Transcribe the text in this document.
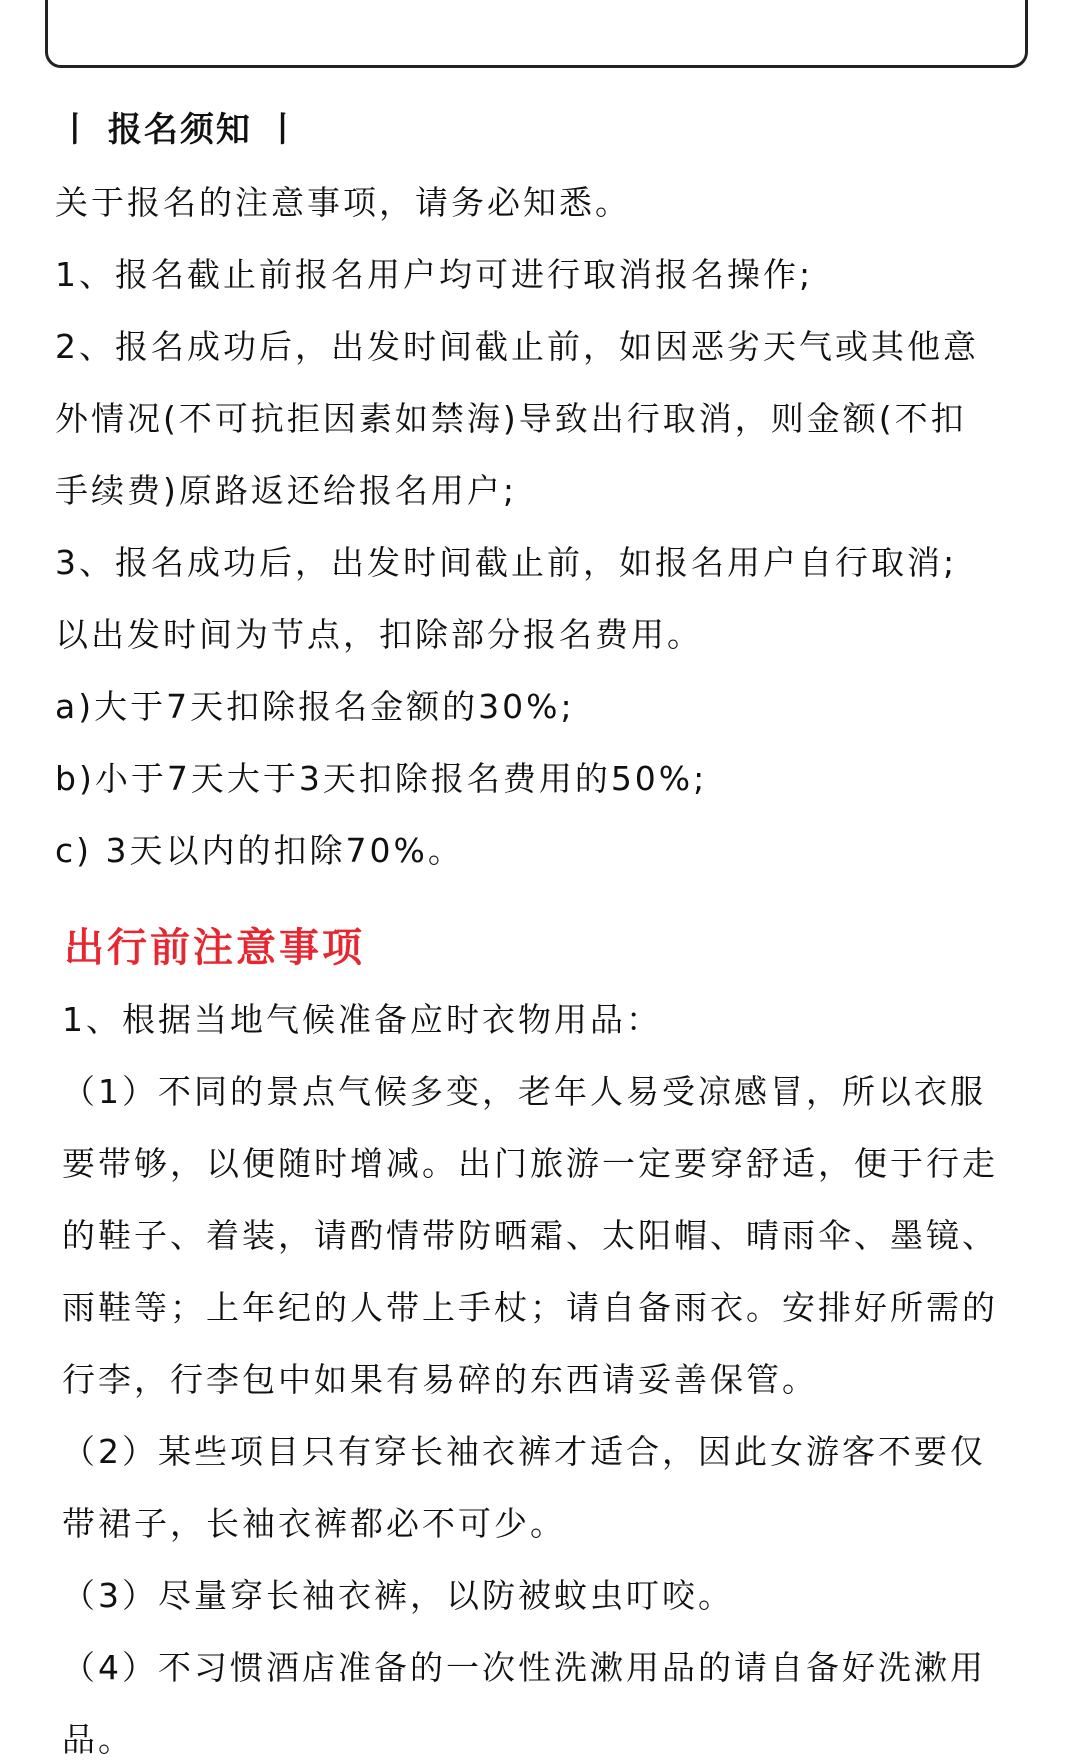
丨 报名须知 丨
关于报名的注意事项，请务必知悉。
1、报名截止前报名用户均可进行取消报名操作;
2、报名成功后，出发时间截止前，如因恶劣天气或其他意
外情况(不可抗拒因素如禁海)导致出行取消，则金额(不扣
手续费)原路返还给报名用户;
3、报名成功后，出发时间截止前，如报名用户自行取消;
以出发时间为节点，扣除部分报名费用。
a)大于7天扣除报名金额的30%;
b)小于7天大于3天扣除报名费用的50%;
c) 3天以内的扣除70%。
出行前注意事项
1、根据当地气候准备应时衣物用品：
（1）不同的景点气候多变，老年人易受凉感冒，所以衣服
要带够，以便随时增减。出门旅游一定要穿舒适，便于行走
的鞋子、着装，请酌情带防晒霜、太阳帽、晴雨伞、墨镜、
雨鞋等；上年纪的人带上手杖；请自备雨衣。安排好所需的
行李，行李包中如果有易碎的东西请妥善保管。
（2）某些项目只有穿长袖衣裤才适合，因此女游客不要仅
带裙子，长袖衣裤都必不可少。
（3）尽量穿长袖衣裤，以防被蚊虫叮咬。
（4）不习惯酒店准备的一次性洗漱用品的请自备好洗漱用
品。
